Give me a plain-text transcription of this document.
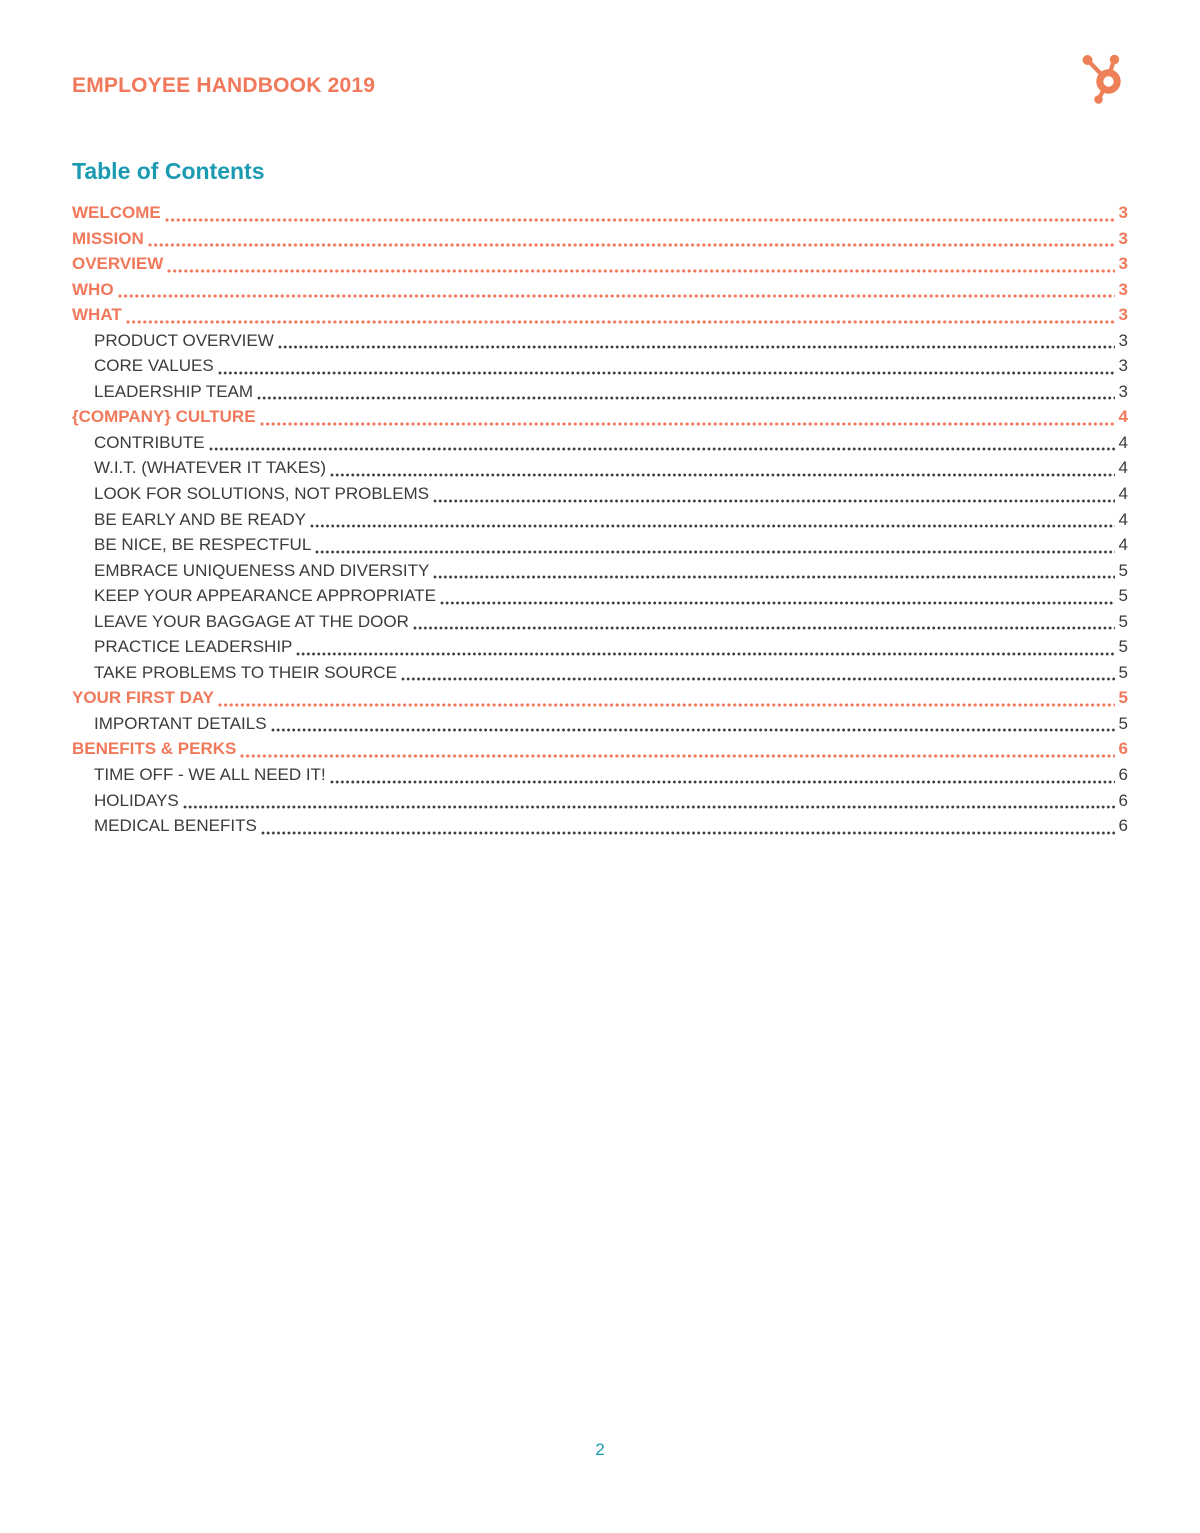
EMPLOYEE HANDBOOK 2019
Table of Contents
WELCOME	3
MISSION	3
OVERVIEW	3
WHO	3
WHAT	3
PRODUCT OVERVIEW	3
CORE VALUES	3
LEADERSHIP TEAM	3
{COMPANY} CULTURE	4
CONTRIBUTE	4
W.I.T. (WHATEVER IT TAKES)	4
LOOK FOR SOLUTIONS, NOT PROBLEMS	4
BE EARLY AND BE READY	4
BE NICE, BE RESPECTFUL	4
EMBRACE UNIQUENESS AND DIVERSITY	5
KEEP YOUR APPEARANCE APPROPRIATE	5
LEAVE YOUR BAGGAGE AT THE DOOR	5
PRACTICE LEADERSHIP	5
TAKE PROBLEMS TO THEIR SOURCE	5
YOUR FIRST DAY	5
IMPORTANT DETAILS	5
BENEFITS & PERKS	6
TIME OFF - WE ALL NEED IT!	6
HOLIDAYS	6
MEDICAL BENEFITS	6
2
